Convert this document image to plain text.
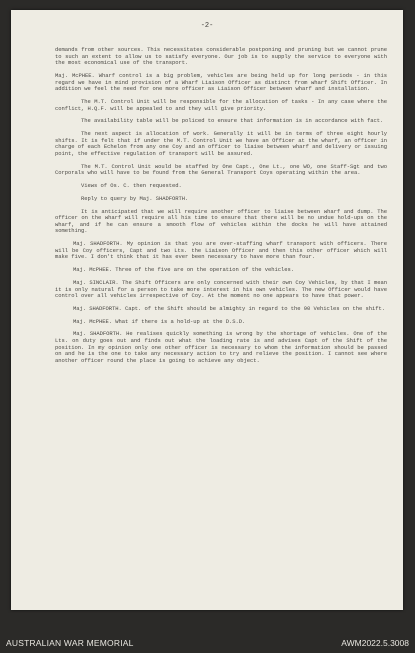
-2-

demands from other sources. This necessitates considerable postponing and pruning but we cannot prune to such an extent to allow us to satisfy everyone. Our job is to supply the service to everyone with the most economical use of the transport.

Maj. McPHEE. Wharf control is a big problem, vehicles are being held up for long periods - in this regard we have in mind provision of a Wharf Liaison Officer as distinct from wharf Shift Officer. In addition we feel the need for one more officer as Liaison Officer between wharf and installation.

The M.T. Control Unit will be responsible for the allocation of tasks - In any case where the conflict, H.Q.F. will be appealed to and they will give priority.

The availability table will be policed to ensure that information is in accordance with fact.

The next aspect is allocation of work. Generally it will be in terms of three eight hourly shifts. It is felt that if under the M.T. Control Unit we have an Officer at the wharf, an officer in charge of each Echelon from any one Coy and an officer to liaise between wharf and delivery or issuing point, the effective regulation of transport will be assured.

The M.T. Control Unit would be staffed by One Capt., One Lt., one WO, one Staff-Sgt and two Corporals who will have to be found from the General Transport Coys operating within the area.

Views of Os. C. then requested.

Reply to query by Maj. SHADFORTH.

It is anticipated that we will require another officer to liaise between wharf and dump. The officer on the wharf will require all his time to ensure that there will be no undue hold-ups on the wharf, and if he can ensure a smooth flow of vehicles within the docks he will have attained something.

Maj. SHADFORTH. My opinion is that you are over-staffing wharf transport with officers. There will be Coy officers, Capt and two Lts. the Liaison Officer and then this other officer which will make five. I don't think that it has ever been necessary to have more than four.

Maj. McPHEE. Three of the five are on the operation of the vehicles.

Maj. SINCLAIR. The Shift Officers are only concerned with their own Coy Vehicles, by that I mean it is only natural for a person to take more interest in his own vehicles. The new Officer would have control over all vehicles irrespective of Coy. At the moment no one appears to have that power.

Maj. SHADFORTH. Capt. of the Shift should be almighty in regard to the 90 Vehicles on the shift.

Maj. McPHEE. What if there is a hold-up at the D.S.D.

Maj. SHADFORTH. He realises quickly something is wrong by the shortage of vehicles. One of the Lts. on duty goes out and finds out what the loading rate is and advises Capt of the Shift of the position. In my opinion only one other officer is necessary to whom the information should be passed on and he is the one to take any necessary action to try and relieve the position. I cannot see where another officer round the place is going to achieve any object.

AUSTRALIAN WAR MEMORIAL	AWM2022.5.3008
